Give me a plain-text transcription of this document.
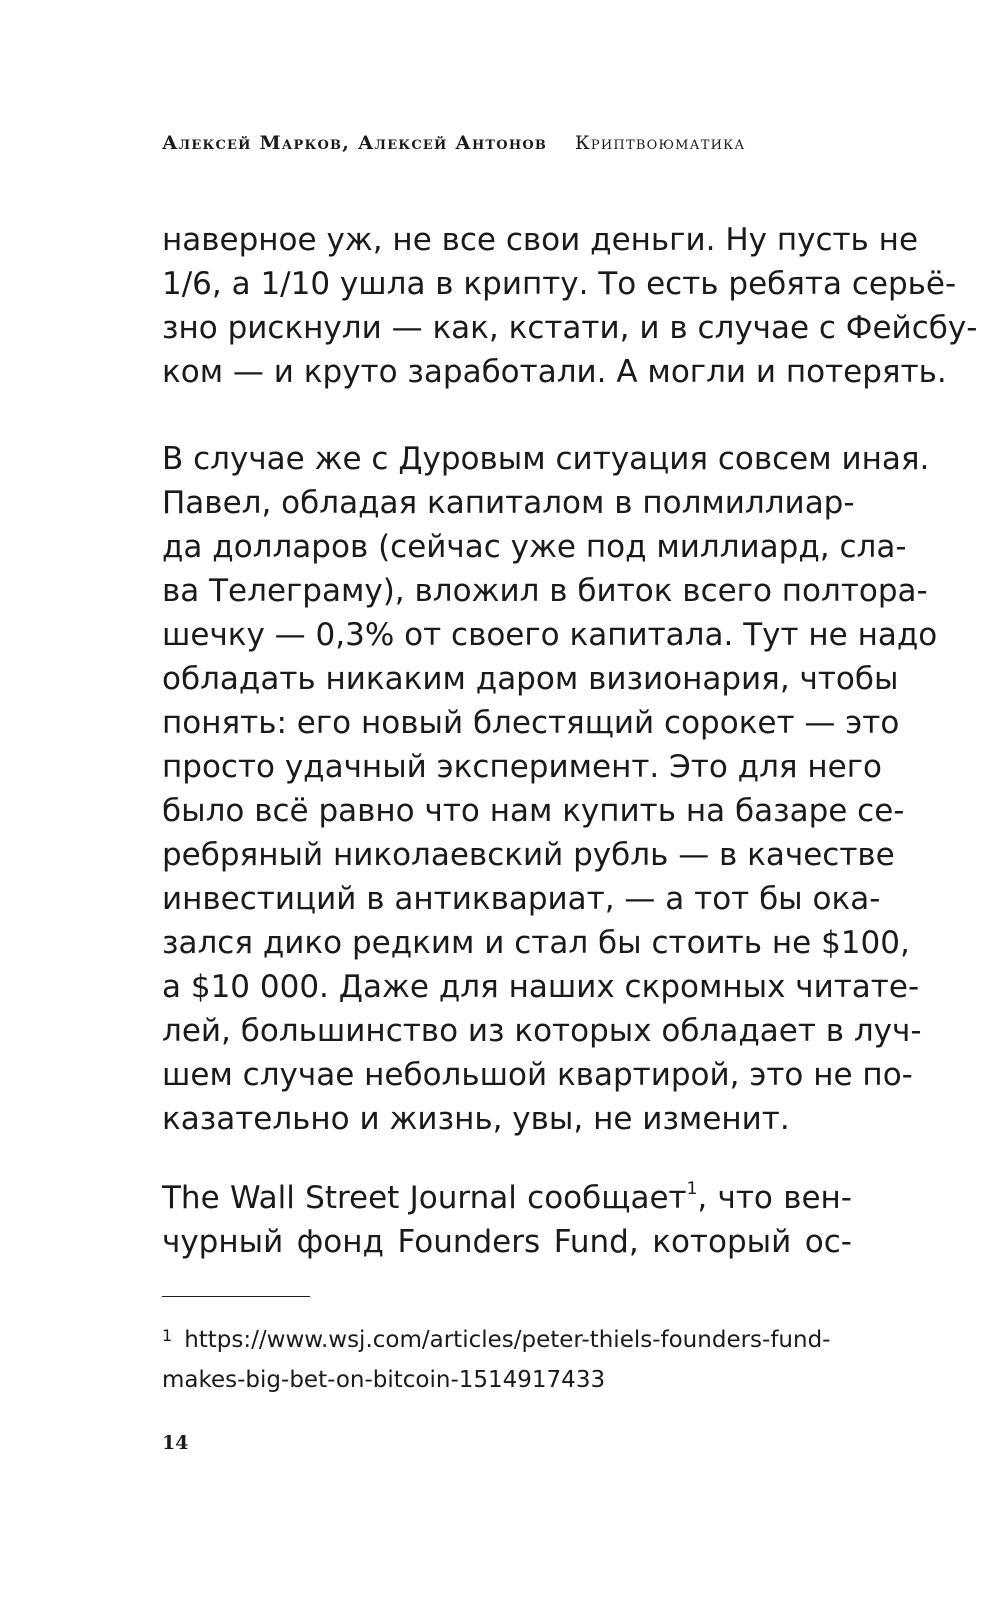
Алексей Марков, Алексей Антонов Криптвоюматика
наверное уж, не все свои деньги. Ну пусть не
1/6, а 1/10 ушла в крипту. То есть ребята серьё-
зно рискнули — как, кстати, и в случае с Фейсбу-
ком — и круто заработали. А могли и потерять.
В случае же с Дуровым ситуация совсем иная.
Павел, обладая капиталом в полмиллиар-
да долларов (сейчас уже под миллиард, сла-
ва Телеграму), вложил в биток всего полтора-
шечку — 0,3% от своего капитала. Тут не надо
обладать никаким даром визионария, чтобы
понять: его новый блестящий сорокет — это
просто удачный эксперимент. Это для него
было всё равно что нам купить на базаре се-
ребряный николаевский рубль — в качестве
инвестиций в антиквариат, — а тот бы ока-
зался дико редким и стал бы стоить не $100,
а $10 000. Даже для наших скромных читате-
лей, большинство из которых обладает в луч-
шем случае небольшой квартирой, это не по-
казательно и жизнь, увы, не изменит.
The Wall Street Journal сообщает$^1$, что вен-
чурный фонд Founders Fund, который ос-
$^1$ https://www.wsj.com/articles/peter-thiels-founders-fund-
makes-big-bet-on-bitcoin-1514917433
14
